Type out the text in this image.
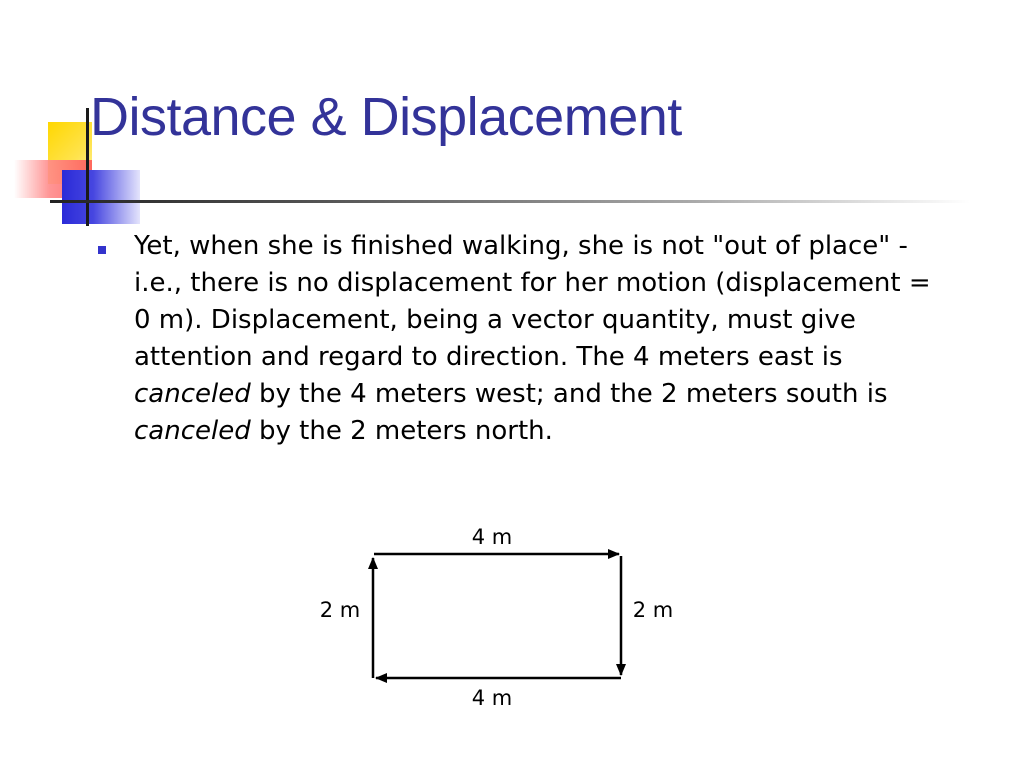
Distance & Displacement

Yet, when she is finished walking, she is not "out of place" - i.e., there is no displacement for her motion (displacement = 0 m). Displacement, being a vector quantity, must give attention and regard to direction. The 4 meters east is canceled by the 4 meters west; and the 2 meters south is canceled by the 2 meters north.

4 m
4 m
2 m	2 m
